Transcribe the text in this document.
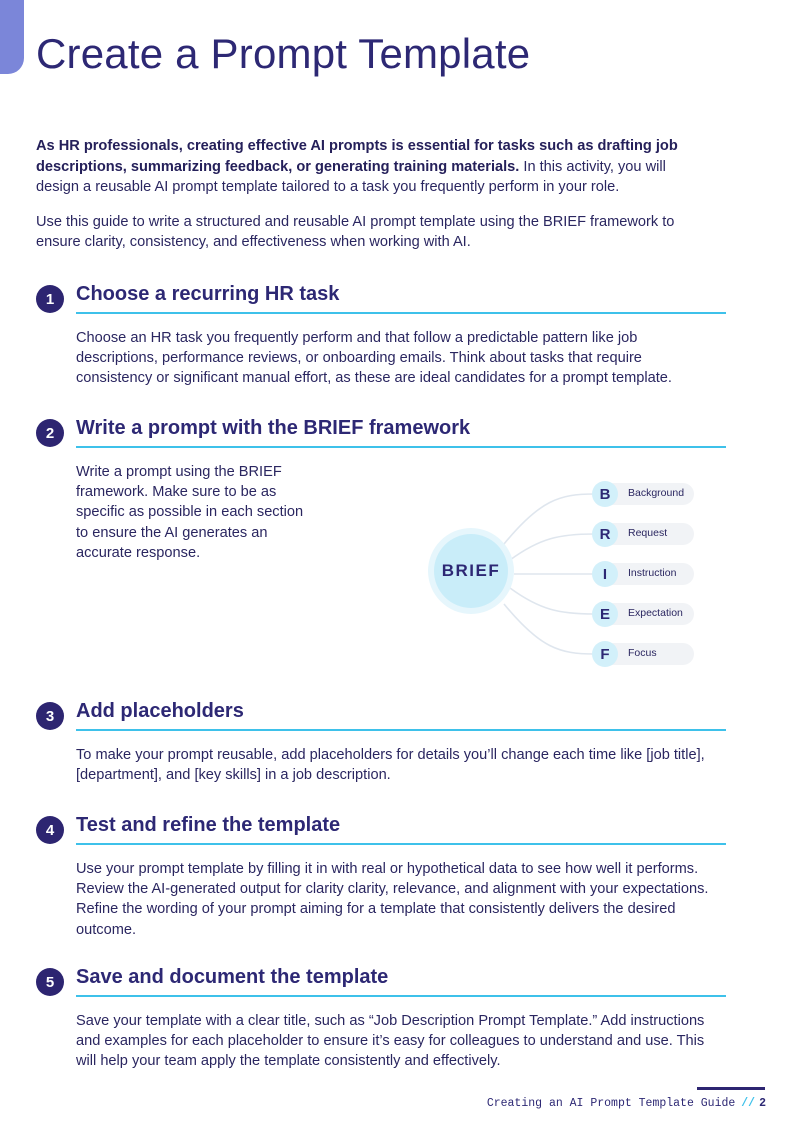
Create a Prompt Template

As HR professionals, creating effective AI prompts is essential for tasks such as drafting job descriptions, summarizing feedback, or generating training materials. In this activity, you will design a reusable AI prompt template tailored to a task you frequently perform in your role.

Use this guide to write a structured and reusable AI prompt template using the BRIEF framework to ensure clarity, consistency, and effectiveness when working with AI.

1	Choose a recurring HR task
Choose an HR task you frequently perform and that follow a predictable pattern like job descriptions, performance reviews, or onboarding emails. Think about tasks that require consistency or significant manual effort, as these are ideal candidates for a prompt template.
2	Write a prompt with the BRIEF framework
Write a prompt using the BRIEF framework. Make sure to be as specific as possible in each section to ensure the AI generates an accurate response.
BRIEF
B	Background
R	Request
I	Instruction
E	Expectation
F	Focus
3	Add placeholders
To make your prompt reusable, add placeholders for details you’ll change each time like [job title], [department], and [key skills] in a job description.
4	Test and refine the template
Use your prompt template by filling it in with real or hypothetical data to see how well it performs. Review the AI-generated output for clarity clarity, relevance, and alignment with your expectations. Refine the wording of your prompt aiming for a template that consistently delivers the desired outcome.
5	Save and document the template
Save your template with a clear title, such as “Job Description Prompt Template.” Add instructions and examples for each placeholder to ensure it’s easy for colleagues to understand and use. This will help your team apply the template consistently and effectively.
Creating an AI Prompt Template Guide // 2
